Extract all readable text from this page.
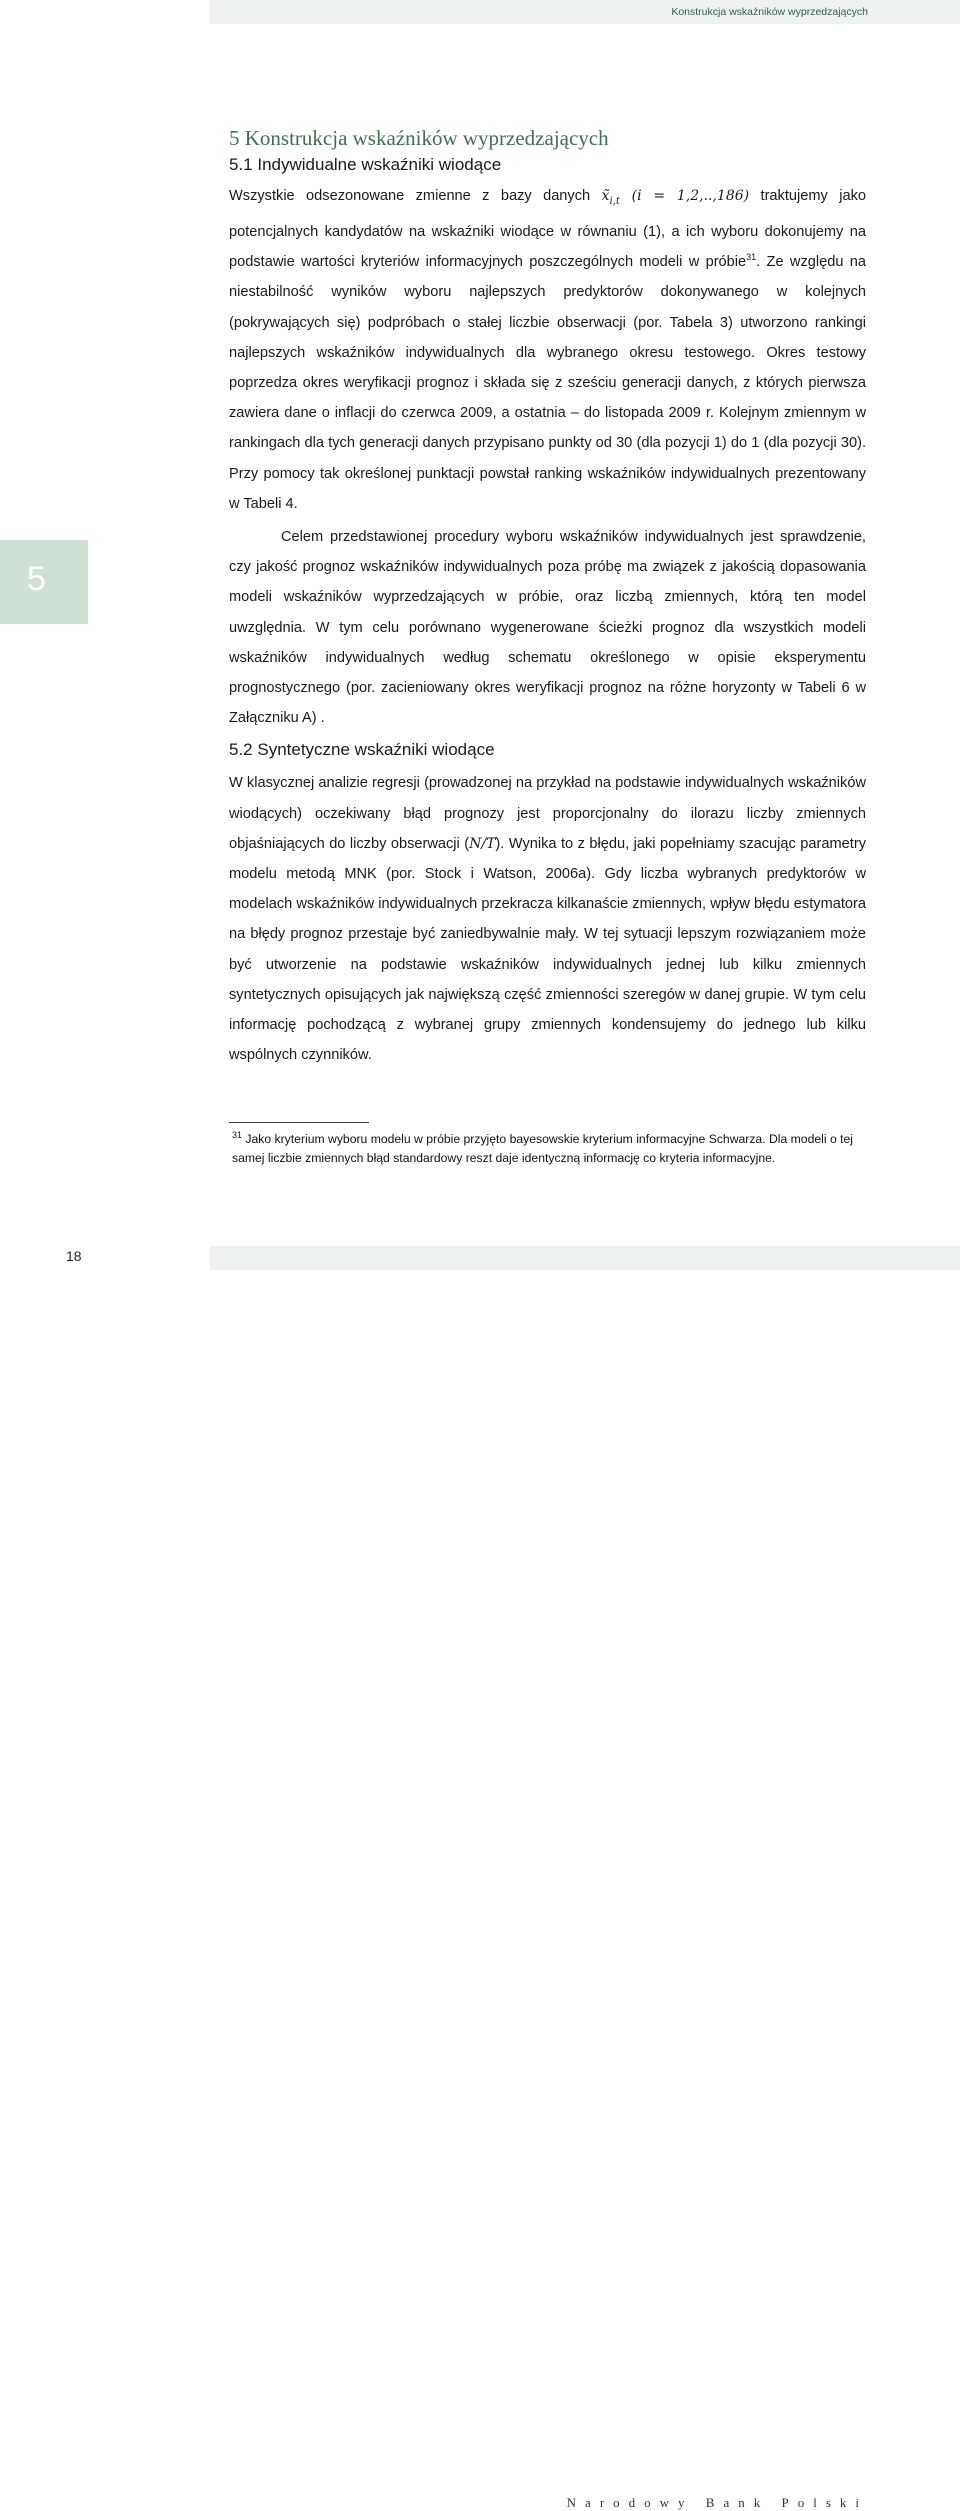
Konstrukcja wskaźników wyprzedzających
5
5 Konstrukcja wskaźników wyprzedzających
5.1 Indywidualne wskaźniki wiodące

Wszystkie odsezonowane zmienne z bazy danych $x̃_{i,t}$ (i = 1,2,..,186) traktujemy jako potencjalnych kandydatów na wskaźniki wiodące w równaniu (1), a ich wyboru dokonujemy na podstawie wartości kryteriów informacyjnych poszczególnych modeli w próbie$^{31}$. Ze względu na niestabilność wyników wyboru najlepszych predyktorów dokonywanego w kolejnych (pokrywających się) podpróbach o stałej liczbie obserwacji (por. Tabela 3) utworzono rankingi najlepszych wskaźników indywidualnych dla wybranego okresu testowego. Okres testowy poprzedza okres weryfikacji prognoz i składa się z sześciu generacji danych, z których pierwsza zawiera dane o inflacji do czerwca 2009, a ostatnia – do listopada 2009 r. Kolejnym zmiennym w rankingach dla tych generacji danych przypisano punkty od 30 (dla pozycji 1) do 1 (dla pozycji 30). Przy pomocy tak określonej punktacji powstał ranking wskaźników indywidualnych prezentowany w Tabeli 4.

Celem przedstawionej procedury wyboru wskaźników indywidualnych jest sprawdzenie, czy jakość prognoz wskaźników indywidualnych poza próbę ma związek z jakością dopasowania modeli wskaźników wyprzedzających w próbie, oraz liczbą zmiennych, którą ten model uwzględnia. W tym celu porównano wygenerowane ścieżki prognoz dla wszystkich modeli wskaźników indywidualnych według schematu określonego w opisie eksperymentu prognostycznego (por. zacieniowany okres weryfikacji prognoz na różne horyzonty w Tabeli 6 w Załączniku A) .

5.2 Syntetyczne wskaźniki wiodące

W klasycznej analizie regresji (prowadzonej na przykład na podstawie indywidualnych wskaźników wiodących) oczekiwany błąd prognozy jest proporcjonalny do ilorazu liczby zmiennych objaśniających do liczby obserwacji (N/T). Wynika to z błędu, jaki popełniamy szacując parametry modelu metodą MNK (por. Stock i Watson, 2006a). Gdy liczba wybranych predyktorów w modelach wskaźników indywidualnych przekracza kilkanaście zmiennych, wpływ błędu estymatora na błędy prognoz przestaje być zaniedbywalnie mały. W tej sytuacji lepszym rozwiązaniem może być utworzenie na podstawie wskaźników indywidualnych jednej lub kilku zmiennych syntetycznych opisujących jak największą część zmienności szeregów w danej grupie. W tym celu informację pochodzącą z wybranej grupy zmiennych kondensujemy do jednego lub kilku wspólnych czynników.

$^{31}$ Jako kryterium wyboru modelu w próbie przyjęto bayesowskie kryterium informacyjne Schwarza. Dla modeli o tej samej liczbie zmiennych błąd standardowy reszt daje identyczną informację co kryteria informacyjne.
18
Narodowy Bank Polski
